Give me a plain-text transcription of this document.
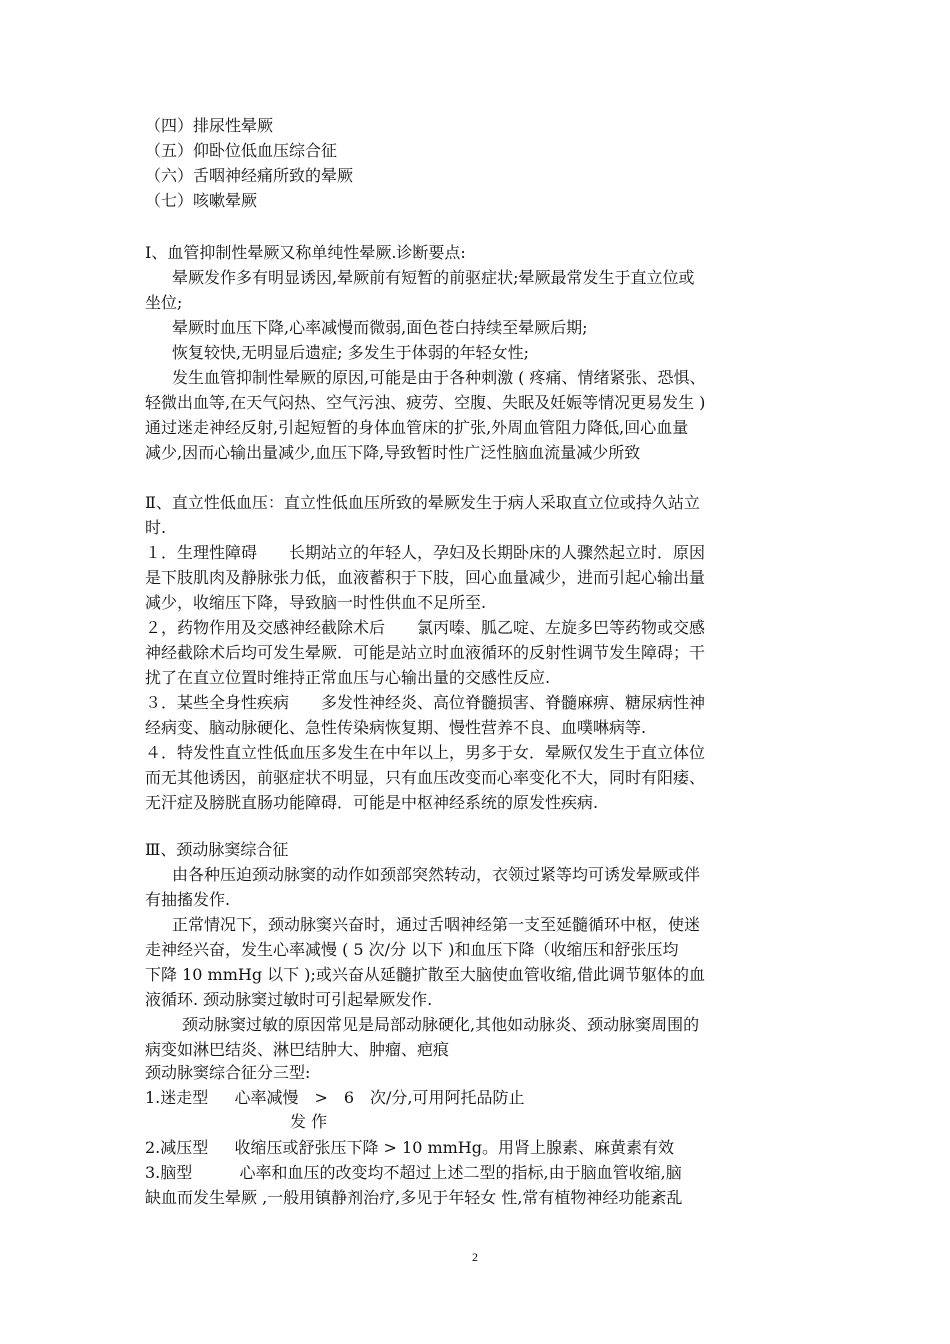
（四）排尿性晕厥
（五）仰卧位低血压综合征
（六）舌咽神经痛所致的晕厥
（七）咳嗽晕厥
Ⅰ、血管抑制性晕厥又称单纯性晕厥.诊断要点:
晕厥发作多有明显诱因,晕厥前有短暂的前驱症状;晕厥最常发生于直立位或
坐位;
晕厥时血压下降,心率减慢而微弱,面色苍白持续至晕厥后期;
恢复较快,无明显后遗症; 多发生于体弱的年轻女性;
发生血管抑制性晕厥的原因,可能是由于各种刺激 ( 疼痛、情绪紧张、恐惧、
轻微出血等,在天气闷热、空气污浊、疲劳、空腹、失眠及妊娠等情况更易发生 )
通过迷走神经反射,引起短暂的身体血管床的扩张,外周血管阻力降低,回心血量
减少,因而心输出量减少,血压下降,导致暂时性广泛性脑血流量减少所致
Ⅱ、直立性低血压：直立性低血压所致的晕厥发生于病人采取直立位或持久站立
时.
１．生理性障碍　　长期站立的年轻人，孕妇及长期卧床的人骤然起立时．原因
是下肢肌肉及静脉张力低，血液蓄积于下肢，回心血量减少，进而引起心输出量
减少，收缩压下降，导致脑一时性供血不足所至.
２，药物作用及交感神经截除术后　　氯丙嗪、胍乙啶、左旋多巴等药物或交感
神经截除术后均可发生晕厥．可能是站立时血液循环的反射性调节发生障碍；干
扰了在直立位置时维持正常血压与心输出量的交感性反应.
３．某些全身性疾病　　多发性神经炎、高位脊髓损害、脊髓麻痹、糖尿病性神
经病变、脑动脉硬化、急性传染病恢复期、慢性营养不良、血噗啉病等.
４．特发性直立性低血压多发生在中年以上，男多于女．晕厥仅发生于直立体位
而无其他诱因，前驱症状不明显，只有血压改变而心率变化不大，同时有阳痿、
无汗症及膀胱直肠功能障碍．可能是中枢神经系统的原发性疾病.
Ⅲ、颈动脉窦综合征
由各种压迫颈动脉窦的动作如颈部突然转动，衣领过紧等均可诱发晕厥或伴
有抽搐发作.
正常情况下，颈动脉窦兴奋时，通过舌咽神经第一支至延髓循环中枢，使迷
走神经兴奋，发生心率减慢 ( 5 次/分 以下 )和血压下降（收缩压和舒张压均
下降 10 mmHg 以下 );或兴奋从延髓扩散至大脑使血管收缩,借此调节躯体的血
液循环. 颈动脉窦过敏时可引起晕厥发作.
颈动脉窦过敏的原因常见是局部动脉硬化,其他如动脉炎、颈动脉窦周围的
病变如淋巴结炎、淋巴结肿大、肿瘤、疤痕
颈动脉窦综合征分三型:
1.迷走型　  心率减慢　>　6　次/分,可用阿托品防止
发 作
2.减压型　  收缩压或舒张压下降 > 10 mmHg。用肾上腺素、麻黄素有效
3.脑型　　   心率和血压的改变均不超过上述二型的指标,由于脑血管收缩,脑
缺血而发生晕厥 ,一般用镇静剂治疗,多见于年轻女 性,常有植物神经功能紊乱
2
